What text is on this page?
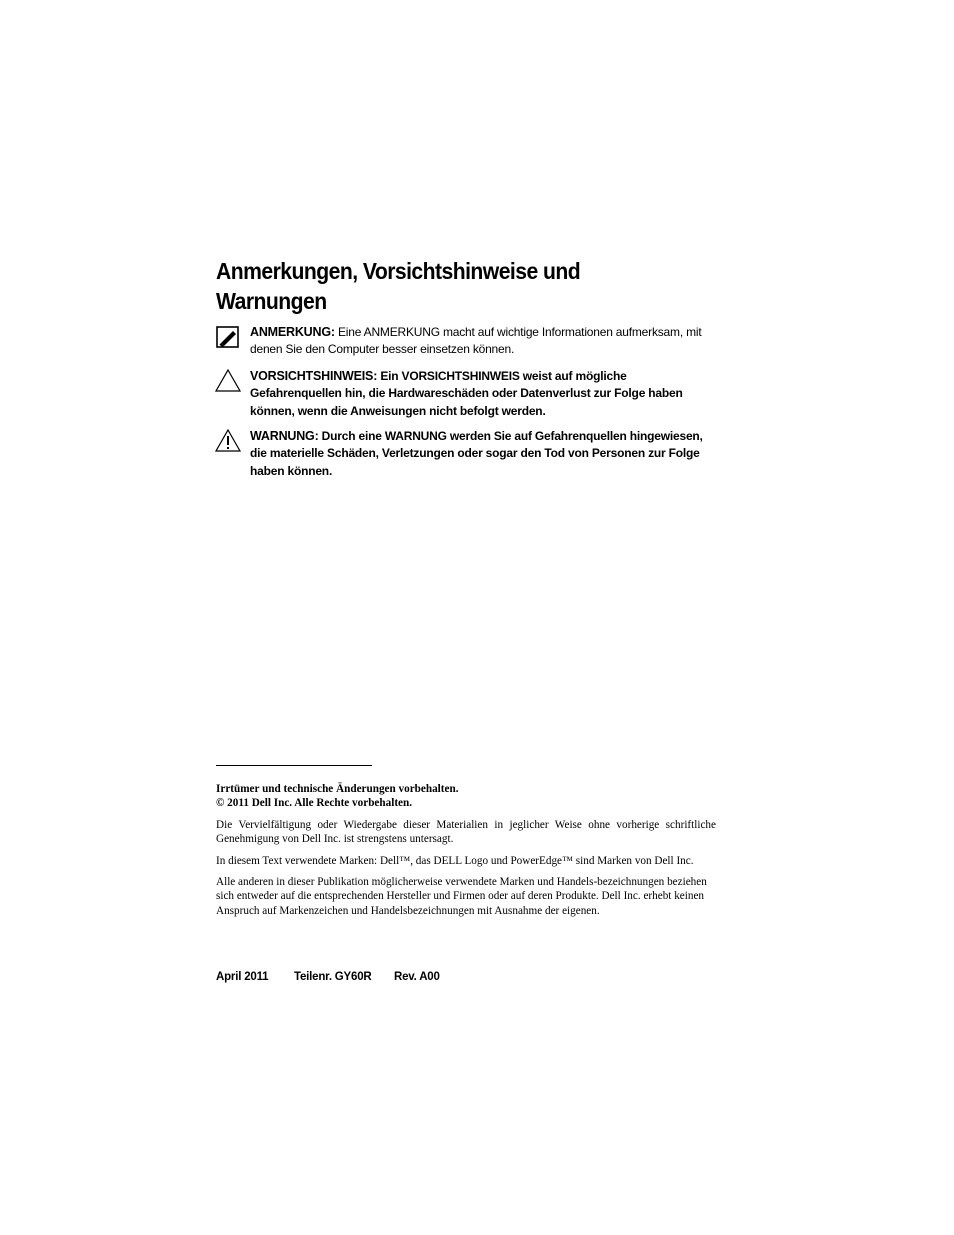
Anmerkungen, Vorsichtshinweise und Warnungen
ANMERKUNG: Eine ANMERKUNG macht auf wichtige Informationen aufmerksam, mit denen Sie den Computer besser einsetzen können.
VORSICHTSHINWEIS: Ein VORSICHTSHINWEIS weist auf mögliche Gefahrenquellen hin, die Hardwareschäden oder Datenverlust zur Folge haben können, wenn die Anweisungen nicht befolgt werden.
WARNUNG: Durch eine WARNUNG werden Sie auf Gefahrenquellen hingewiesen, die materielle Schäden, Verletzungen oder sogar den Tod von Personen zur Folge haben können.

Irrtümer und technische Änderungen vorbehalten.
© 2011 Dell Inc. Alle Rechte vorbehalten.

Die Vervielfältigung oder Wiedergabe dieser Materialien in jeglicher Weise ohne vorherige schriftliche Genehmigung von Dell Inc. ist strengstens untersagt.

In diesem Text verwendete Marken: Dell™, das DELL Logo und PowerEdge™ sind Marken von Dell Inc.

Alle anderen in dieser Publikation möglicherweise verwendete Marken und Handels-bezeichnungen beziehen sich entweder auf die entsprechenden Hersteller und Firmen oder auf deren Produkte. Dell Inc. erhebt keinen Anspruch auf Markenzeichen und Handelsbezeichnungen mit Ausnahme der eigenen.

April 2011 Teilenr. GY60R Rev. A00
